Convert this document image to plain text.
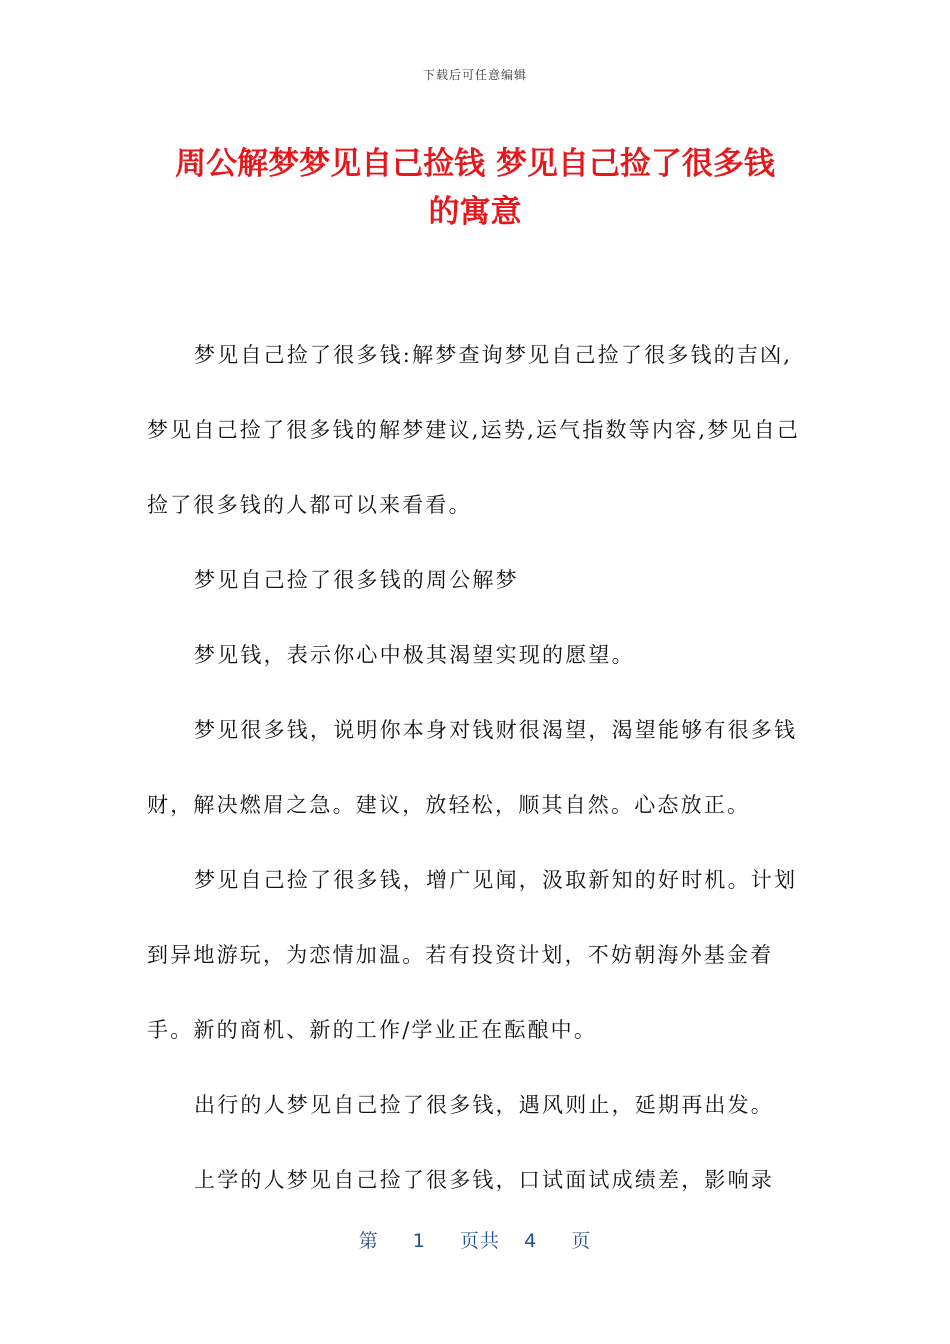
下载后可任意编辑
周公解梦梦见自己捡钱 梦见自己捡了很多钱
的寓意

梦见自己捡了很多钱:解梦查询梦见自己捡了很多钱的吉凶,梦见自己捡了很多钱的解梦建议,运势,运气指数等内容,梦见自己捡了很多钱的人都可以来看看。

梦见自己捡了很多钱的周公解梦

梦见钱，表示你心中极其渴望实现的愿望。

梦见很多钱，说明你本身对钱财很渴望，渴望能够有很多钱财，解决燃眉之急。建议，放轻松，顺其自然。心态放正。

梦见自己捡了很多钱，增广见闻，汲取新知的好时机。计划到异地游玩，为恋情加温。若有投资计划，不妨朝海外基金着手。新的商机、新的工作/学业正在酝酿中。

出行的人梦见自己捡了很多钱，遇风则止，延期再出发。

上学的人梦见自己捡了很多钱，口试面试成绩差，影响录

第 1 页共 4 页
